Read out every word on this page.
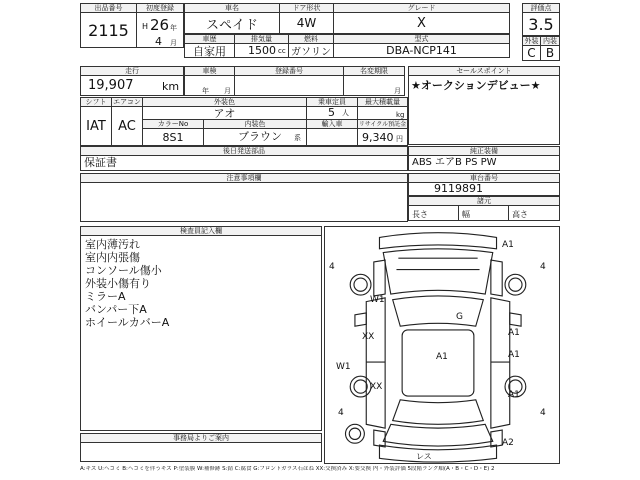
出品番号
2115
初度登録
H 26
4
年
月
車名
スペイド
ドア形状
4W
グレード
X
評価点
3.5
車歴
自家用
排気量
1500 cc
燃料
ガソリン
型式
DBA-NCP141
外装 内装
C B
走行
19,907	km
車検
年 月
登録番号	名変期限
月
セールスポイント
★オークションデビュー★
シフト
IAT
エアコン
AC
外装色
アオ
乗車定員
5 人
最大積載量
kg
カラーNo
8S1
内装色
ブラウン 系
輸入車	リサイクル預託金
9,340 円
後日発送部品
保証書
純正装備
ABS エアB PS PW
注意事項欄	車台番号
9119891
諸元
長さ	幅	高さ
検査員記入欄
室内薄汚れ
室内内張傷
コンソール傷小
外装小傷有り
ミラーA
バンパー下A
ホイールカバーA
事務局よりご案内
A1
4	4
W1
G
XX	A1
A1
W1
A1
XX
4	4
A1
A2
レス
A:キズ U:ヘコミ B:ヘコミを伴うキズ P:塗装膜 W:補修跡 S:錆 C:腐食 G:フロントガラス石はね XX:交換済み X:要交換 内・外装評価 5段階ランク順(A・B・C・D・E) 2
